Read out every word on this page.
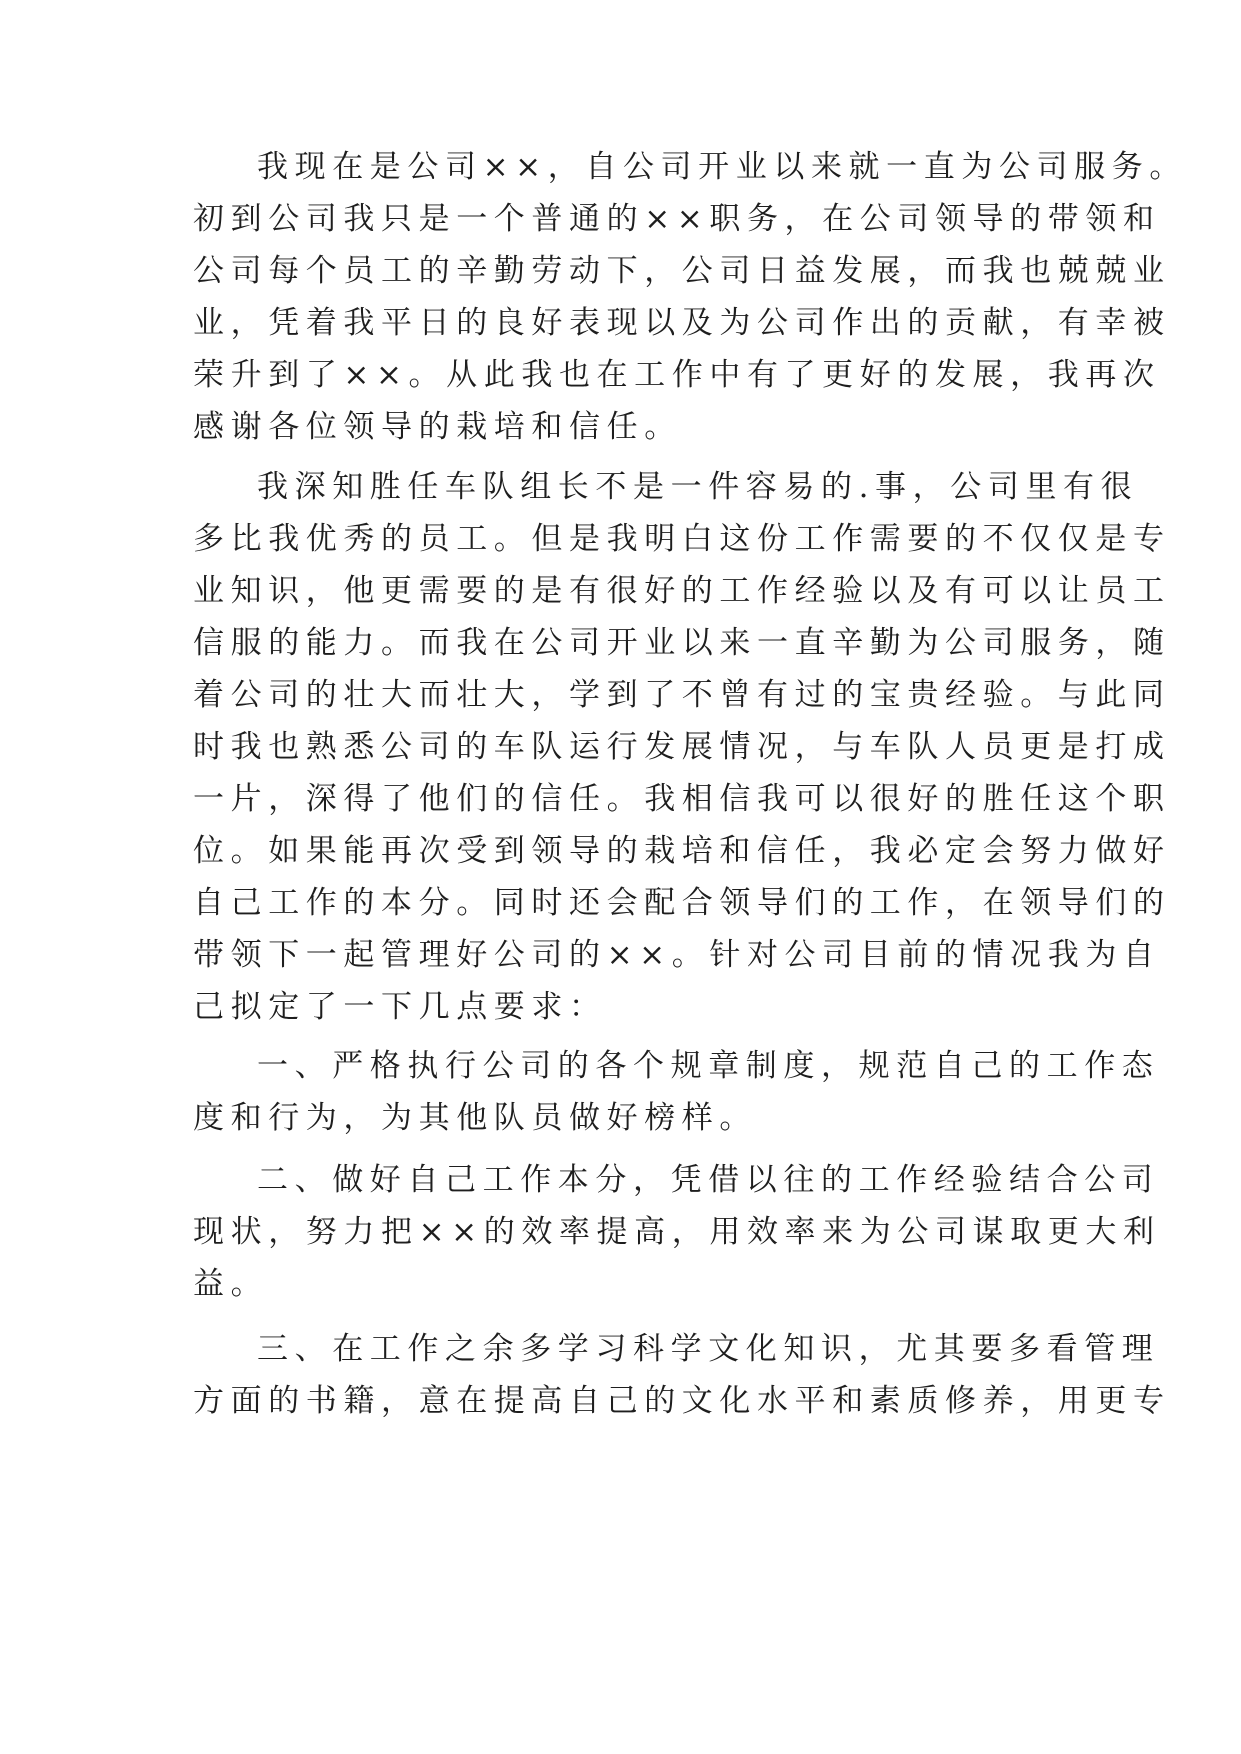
我现在是公司××，自公司开业以来就一直为公司服务。
初到公司我只是一个普通的××职务，在公司领导的带领和
公司每个员工的辛勤劳动下，公司日益发展，而我也兢兢业
业，凭着我平日的良好表现以及为公司作出的贡献，有幸被
荣升到了××。从此我也在工作中有了更好的发展，我再次
感谢各位领导的栽培和信任。
我深知胜任车队组长不是一件容易的.事，公司里有很
多比我优秀的员工。但是我明白这份工作需要的不仅仅是专
业知识，他更需要的是有很好的工作经验以及有可以让员工
信服的能力。而我在公司开业以来一直辛勤为公司服务，随
着公司的壮大而壮大，学到了不曾有过的宝贵经验。与此同
时我也熟悉公司的车队运行发展情况，与车队人员更是打成
一片，深得了他们的信任。我相信我可以很好的胜任这个职
位。如果能再次受到领导的栽培和信任，我必定会努力做好
自己工作的本分。同时还会配合领导们的工作，在领导们的
带领下一起管理好公司的××。针对公司目前的情况我为自
己拟定了一下几点要求：
一、严格执行公司的各个规章制度，规范自己的工作态
度和行为，为其他队员做好榜样。
二、做好自己工作本分，凭借以往的工作经验结合公司
现状，努力把××的效率提高，用效率来为公司谋取更大利
益。
三、在工作之余多学习科学文化知识，尤其要多看管理
方面的书籍，意在提高自己的文化水平和素质修养，用更专
